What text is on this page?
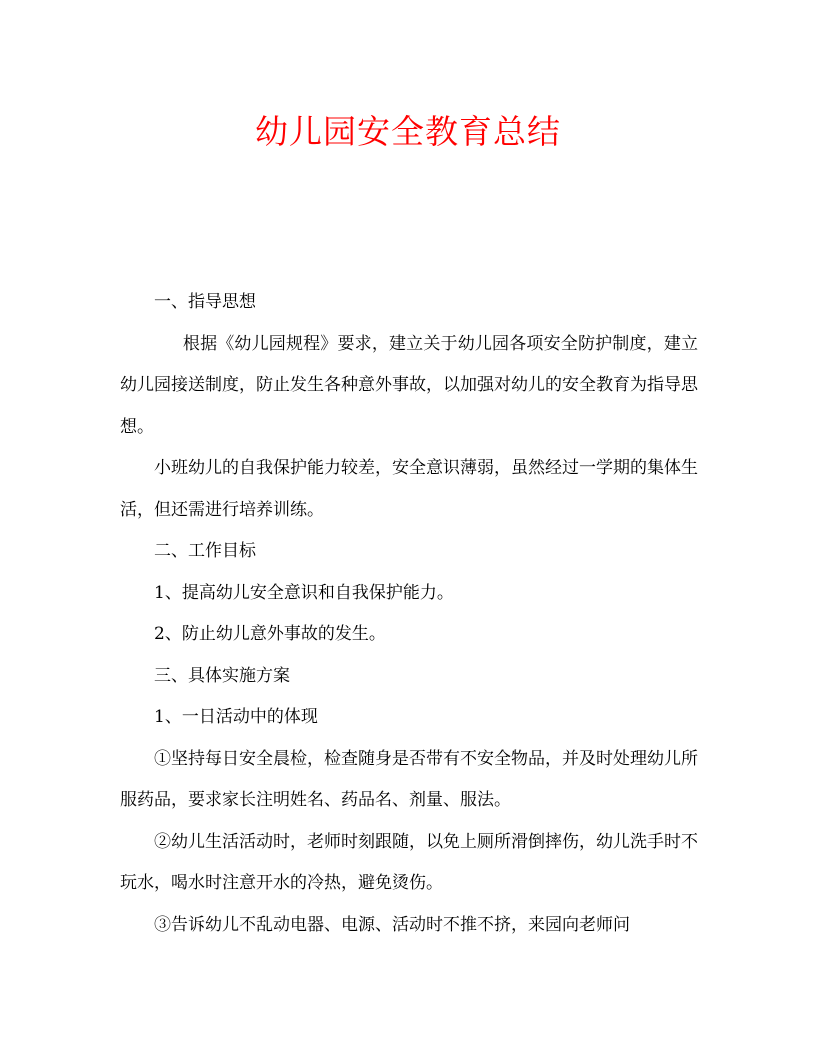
幼儿园安全教育总结

一、指导思想

根据《幼儿园规程》要求，建立关于幼儿园各项安全防护制度，建立幼儿园接送制度，防止发生各种意外事故，以加强对幼儿的安全教育为指导思想。

小班幼儿的自我保护能力较差，安全意识薄弱，虽然经过一学期的集体生活，但还需进行培养训练。

二、工作目标

1、提高幼儿安全意识和自我保护能力。

2、防止幼儿意外事故的发生。

三、具体实施方案

1、一日活动中的体现

①坚持每日安全晨检，检查随身是否带有不安全物品，并及时处理幼儿所服药品，要求家长注明姓名、药品名、剂量、服法。

②幼儿生活活动时，老师时刻跟随，以免上厕所滑倒摔伤，幼儿洗手时不玩水，喝水时注意开水的冷热，避免烫伤。

③告诉幼儿不乱动电器、电源、活动时不推不挤，来园向老师问
